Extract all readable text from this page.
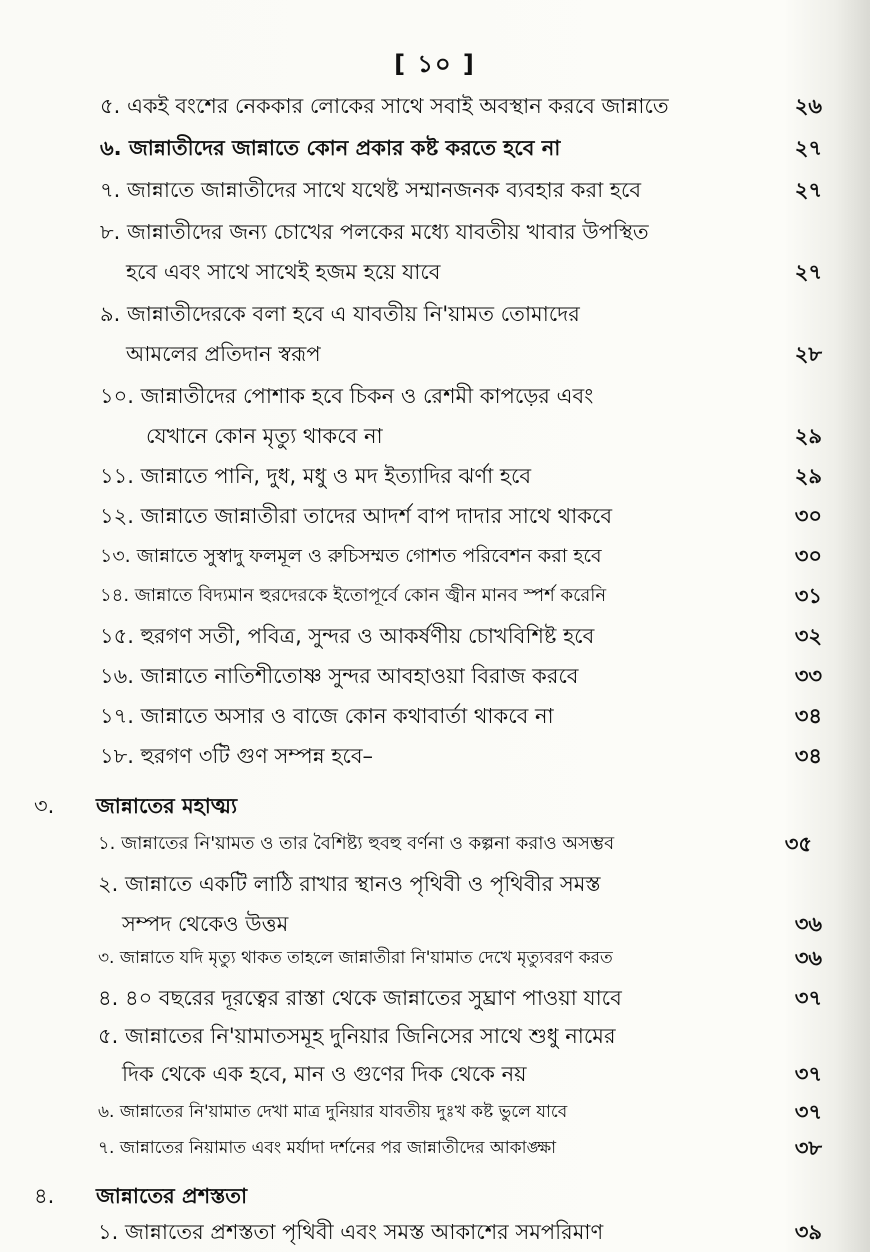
[ ১০ ]
৫. একই বংশের নেককার লোকের সাথে সবাই অবস্থান করবে জান্নাতে	২৬
৬. জান্নাতীদের জান্নাতে কোন প্রকার কষ্ট করতে হবে না	২৭
৭. জান্নাতে জান্নাতীদের সাথে যথেষ্ট সম্মানজনক ব্যবহার করা হবে	২৭
৮. জান্নাতীদের জন্য চোখের পলকের মধ্যে যাবতীয় খাবার উপস্থিত
হবে এবং সাথে সাথেই হজম হয়ে যাবে	২৭
৯. জান্নাতীদেরকে বলা হবে এ যাবতীয় নি'য়ামত তোমাদের
আমলের প্রতিদান স্বরূপ	২৮
১০. জান্নাতীদের পোশাক হবে চিকন ও রেশমী কাপড়ের এবং
যেখানে কোন মৃত্যু থাকবে না	২৯
১১. জান্নাতে পানি, দুধ, মধু ও মদ ইত্যাদির ঝর্ণা হবে	২৯
১২. জান্নাতে জান্নাতীরা তাদের আদর্শ বাপ দাদার সাথে থাকবে	৩০
১৩. জান্নাতে সুস্বাদু ফলমূল ও রুচিসম্মত গোশত পরিবেশন করা হবে	৩০
১৪. জান্নাতে বিদ্যমান হুরদেরকে ইতোপূর্বে কোন জ্বীন মানব স্পর্শ করেনি	৩১
১৫. হুরগণ সতী, পবিত্র, সুন্দর ও আকর্ষণীয় চোখবিশিষ্ট হবে	৩২
১৬. জান্নাতে নাতিশীতোষ্ণ সুন্দর আবহাওয়া বিরাজ করবে	৩৩
১৭. জান্নাতে অসার ও বাজে কোন কথাবার্তা থাকবে না	৩৪
১৮. হুরগণ ৩টি গুণ সম্পন্ন হবে–	৩৪
৩. জান্নাতের মহাত্ম্য
১. জান্নাতের নি'য়ামত ও তার বৈশিষ্ট্য হুবহু বর্ণনা ও কল্পনা করাও অসম্ভব	৩৫
২. জান্নাতে একটি লাঠি রাখার স্থানও পৃথিবী ও পৃথিবীর সমস্ত
সম্পদ থেকেও উত্তম	৩৬
৩. জান্নাতে যদি মৃত্যু থাকত তাহলে জান্নাতীরা নি'য়ামাত দেখে মৃত্যুবরণ করত	৩৬
৪. ৪০ বছরের দূরত্বের রাস্তা থেকে জান্নাতের সুঘ্রাণ পাওয়া যাবে	৩৭
৫. জান্নাতের নি'য়ামাতসমূহ দুনিয়ার জিনিসের সাথে শুধু নামের
দিক থেকে এক হবে, মান ও গুণের দিক থেকে নয়	৩৭
৬. জান্নাতের নি'য়ামাত দেখা মাত্র দুনিয়ার যাবতীয় দুঃখ কষ্ট ভুলে যাবে	৩৭
৭. জান্নাতের নিয়ামাত এবং মর্যাদা দর্শনের পর জান্নাতীদের আকাঙ্ক্ষা	৩৮
৪. জান্নাতের প্রশস্ততা
১. জান্নাতের প্রশস্ততা পৃথিবী এবং সমস্ত আকাশের সমপরিমাণ	৩৯
